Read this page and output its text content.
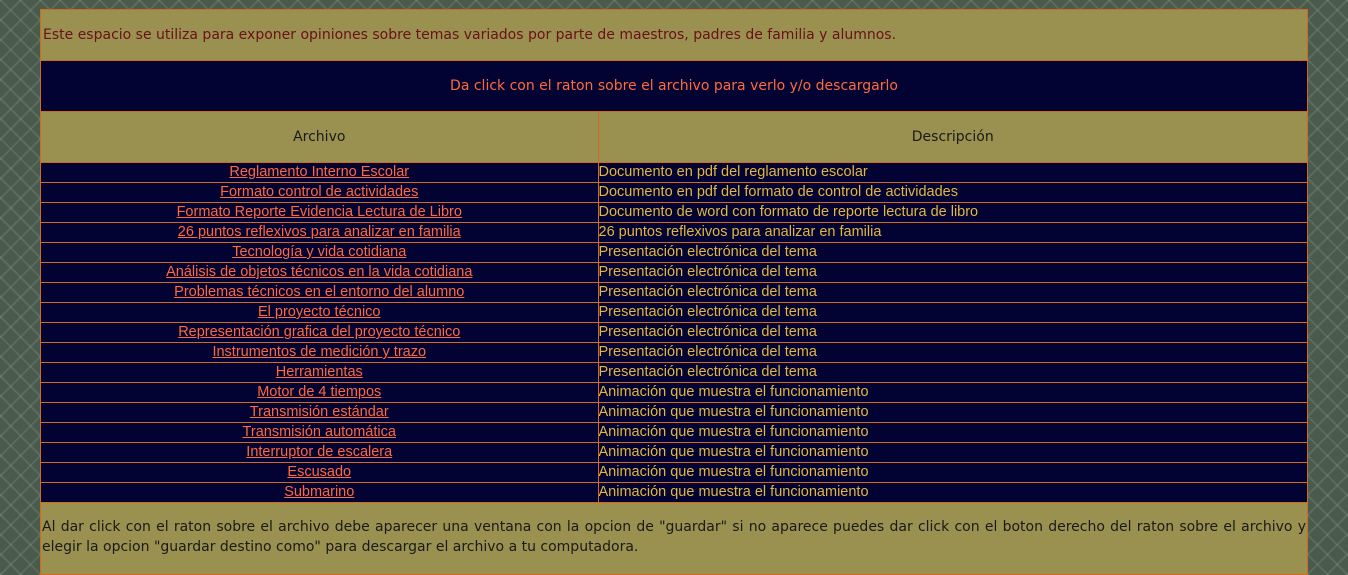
Este espacio se utiliza para exponer opiniones sobre temas variados por parte de maestros, padres de familia y alumnos.
Da click con el raton sobre el archivo para verlo y/o descargarlo
Archivo	Descripción
Reglamento Interno Escolar	Documento en pdf del reglamento escolar
Formato control de actividades	Documento en pdf del formato de control de actividades
Formato Reporte Evidencia Lectura de Libro	Documento de word con formato de reporte lectura de libro
26 puntos reflexivos para analizar en familia	26 puntos reflexivos para analizar en familia
Tecnología y vida cotidiana	Presentación electrónica del tema
Análisis de objetos técnicos en la vida cotidiana	Presentación electrónica del tema
Problemas técnicos en el entorno del alumno	Presentación electrónica del tema
El proyecto técnico	Presentación electrónica del tema
Representación grafica del proyecto técnico	Presentación electrónica del tema
Instrumentos de medición y trazo	Presentación electrónica del tema
Herramientas	Presentación electrónica del tema
Motor de 4 tiempos	Animación que muestra el funcionamiento
Transmisión estándar	Animación que muestra el funcionamiento
Transmisión automática	Animación que muestra el funcionamiento
Interruptor de escalera	Animación que muestra el funcionamiento
Escusado	Animación que muestra el funcionamiento
Submarino	Animación que muestra el funcionamiento
Al dar click con el raton sobre el archivo debe aparecer una ventana con la opcion de "guardar" si no aparece puedes dar click con el boton derecho del raton sobre el archivo y elegir la opcion "guardar destino como" para descargar el archivo a tu computadora.
